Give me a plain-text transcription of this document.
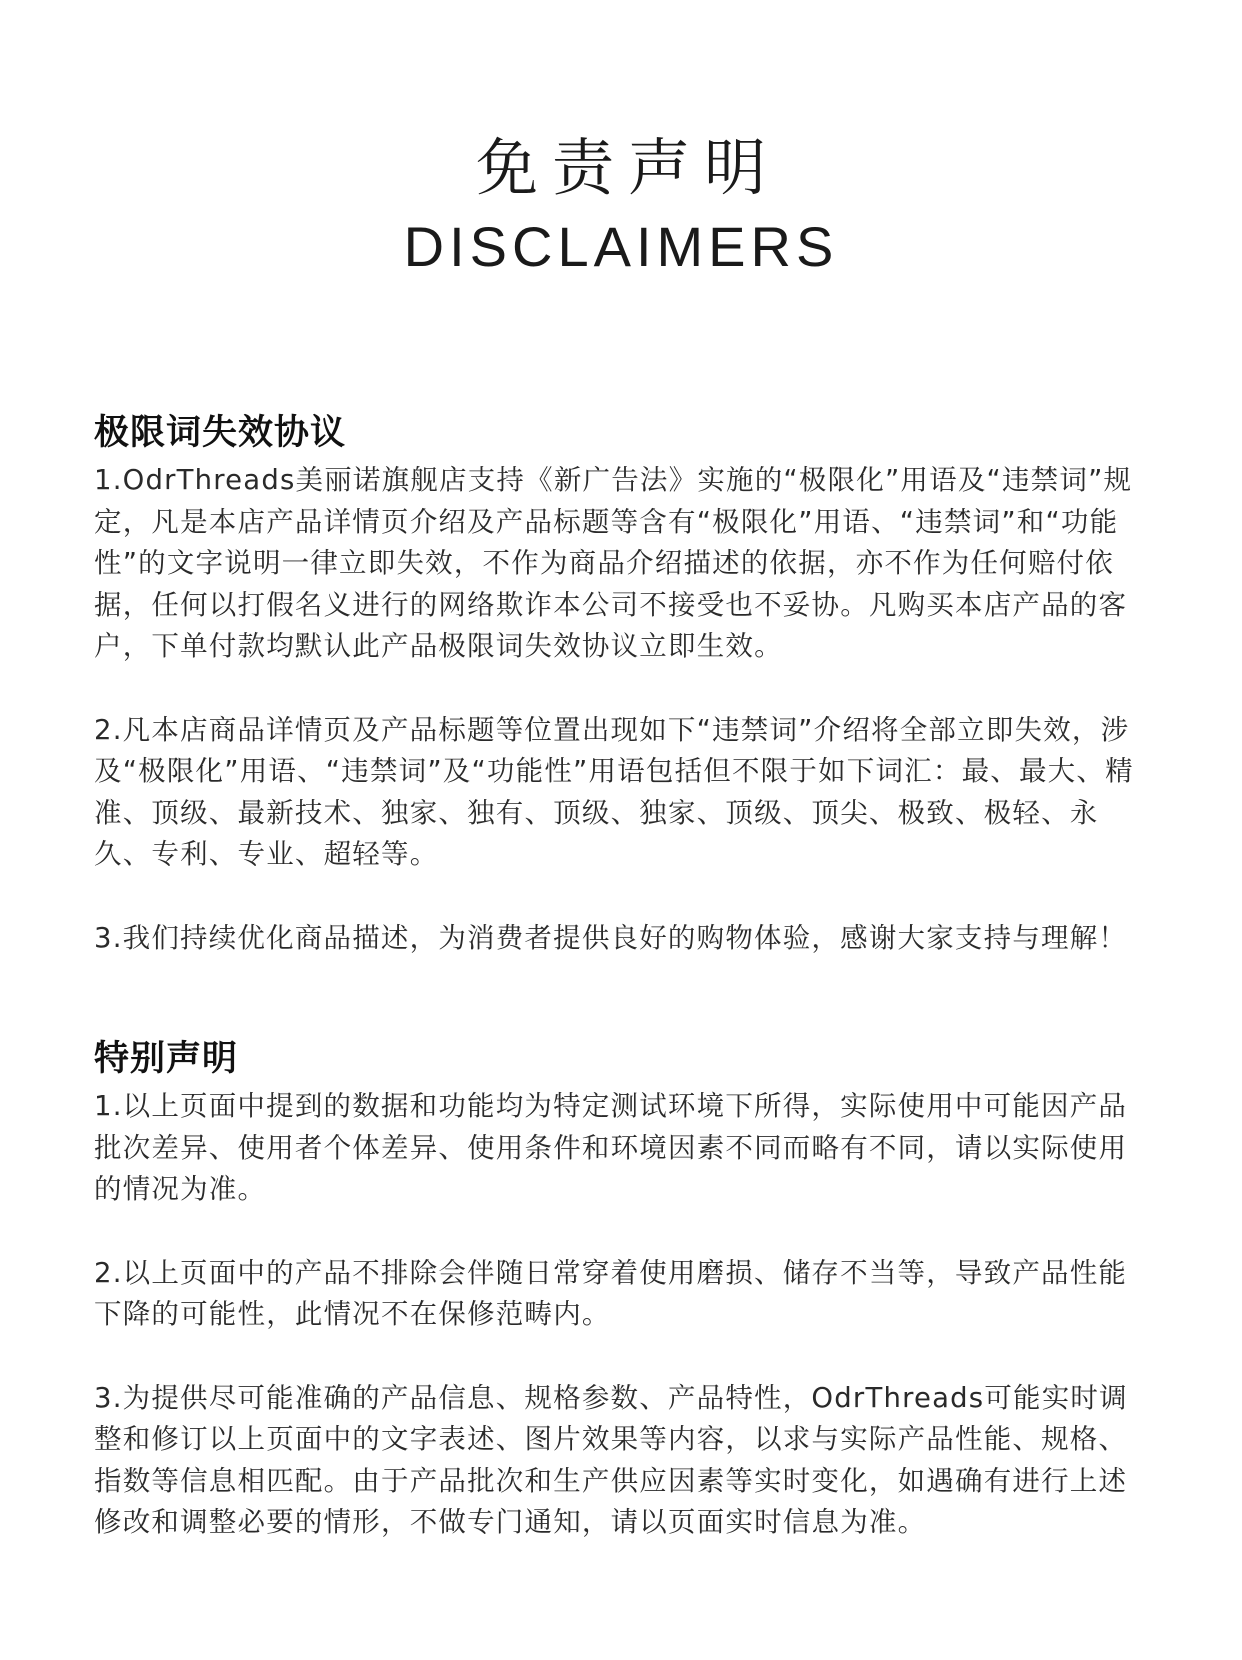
免责声明
DISCLAIMERS
极限词失效协议

1.OdrThreads美丽诺旗舰店支持《新广告法》实施的“极限化”用语及“违禁词”规定，凡是本店产品详情页介绍及产品标题等含有“极限化”用语、“违禁词”和“功能性”的文字说明一律立即失效，不作为商品介绍描述的依据，亦不作为任何赔付依据，任何以打假名义进行的网络欺诈本公司不接受也不妥协。凡购买本店产品的客户，下单付款均默认此产品极限词失效协议立即生效。

2.凡本店商品详情页及产品标题等位置出现如下“违禁词”介绍将全部立即失效，涉及“极限化”用语、“违禁词”及“功能性”用语包括但不限于如下词汇：最、最大、精准、顶级、最新技术、独家、独有、顶级、独家、顶级、顶尖、极致、极轻、永久、专利、专业、超轻等。

3.我们持续优化商品描述，为消费者提供良好的购物体验，感谢大家支持与理解！

特别声明

1.以上页面中提到的数据和功能均为特定测试环境下所得，实际使用中可能因产品批次差异、使用者个体差异、使用条件和环境因素不同而略有不同，请以实际使用的情况为准。

2.以上页面中的产品不排除会伴随日常穿着使用磨损、储存不当等，导致产品性能下降的可能性，此情况不在保修范畴内。

3.为提供尽可能准确的产品信息、规格参数、产品特性，OdrThreads可能实时调整和修订以上页面中的文字表述、图片效果等内容，以求与实际产品性能、规格、指数等信息相匹配。由于产品批次和生产供应因素等实时变化，如遇确有进行上述修改和调整必要的情形，不做专门通知，请以页面实时信息为准。
